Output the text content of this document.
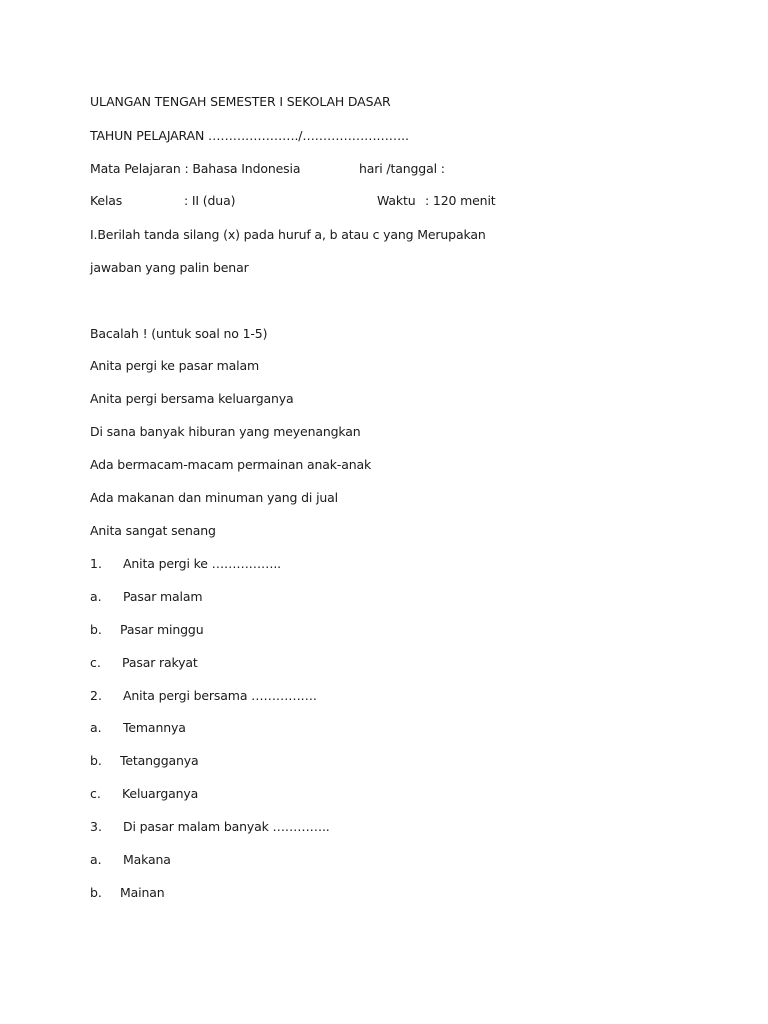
ULANGAN TENGAH SEMESTER I SEKOLAH DASAR
TAHUN PELAJARAN …………………./……………………..
Mata Pelajaran : Bahasa Indonesia	hari /tanggal :
Kelas	: II (dua)	Waktu : 120 menit
I.Berilah tanda silang (x) pada huruf a, b atau c yang Merupakan
jawaban yang palin benar
Bacalah ! (untuk soal no 1-5)
Anita pergi ke pasar malam
Anita pergi bersama keluarganya
Di sana banyak hiburan yang meyenangkan
Ada bermacam-macam permainan anak-anak
Ada makanan dan minuman yang di jual
Anita sangat senang
1. Anita pergi ke ……………..
a. Pasar malam
b. Pasar minggu
c. Pasar rakyat
2. Anita pergi bersama …………….
a. Temannya
b. Tetangganya
c. Keluarganya
3. Di pasar malam banyak …………..
a. Makana
b. Mainan
